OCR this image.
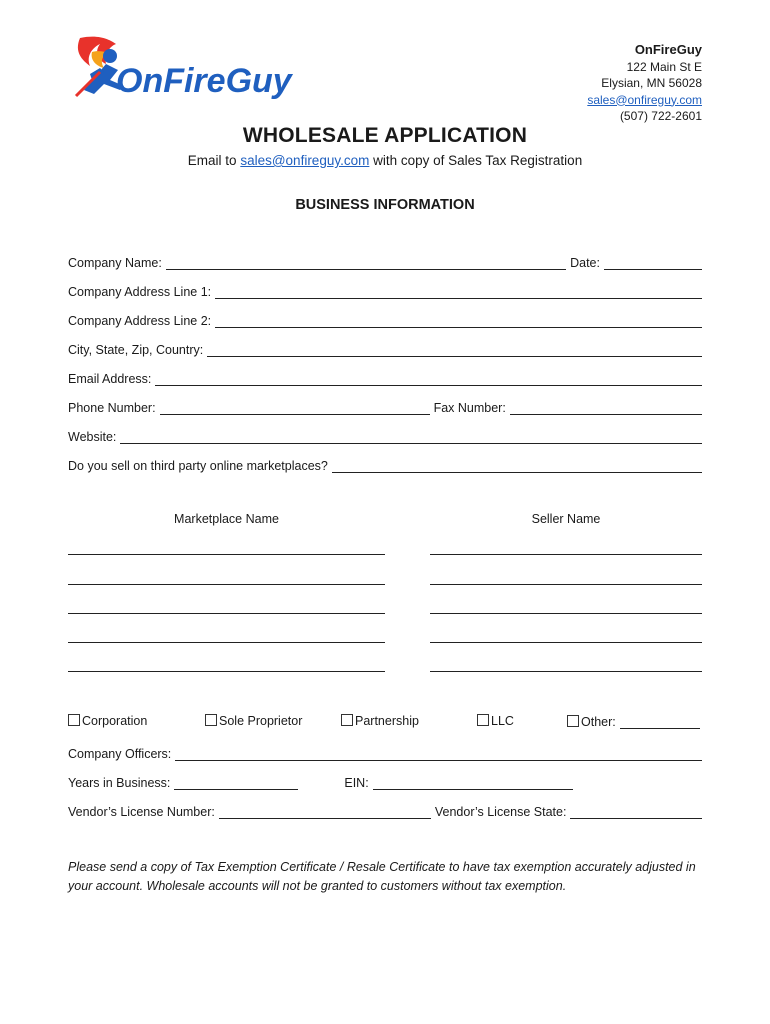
OnFireGuy
OnFireGuy
122 Main St E
Elysian, MN 56028
sales@onfireguy.com
(507) 722-2601
WHOLESALE APPLICATION
Email to sales@onfireguy.com with copy of Sales Tax Registration
BUSINESS INFORMATION
Company Name:	Date:
Company Address Line 1:
Company Address Line 2:
City, State, Zip, Country:
Email Address:
Phone Number:	Fax Number:
Website:
Do you sell on third party online marketplaces?
Marketplace Name	Seller Name
Corporation	Sole Proprietor	Partnership	LLC	Other:
Company Officers:
Years in Business:	EIN:
Vendor’s License Number:	Vendor’s License State:
Please send a copy of Tax Exemption Certificate / Resale Certificate to have tax exemption accurately adjusted in your account. Wholesale accounts will not be granted to customers without tax exemption.
